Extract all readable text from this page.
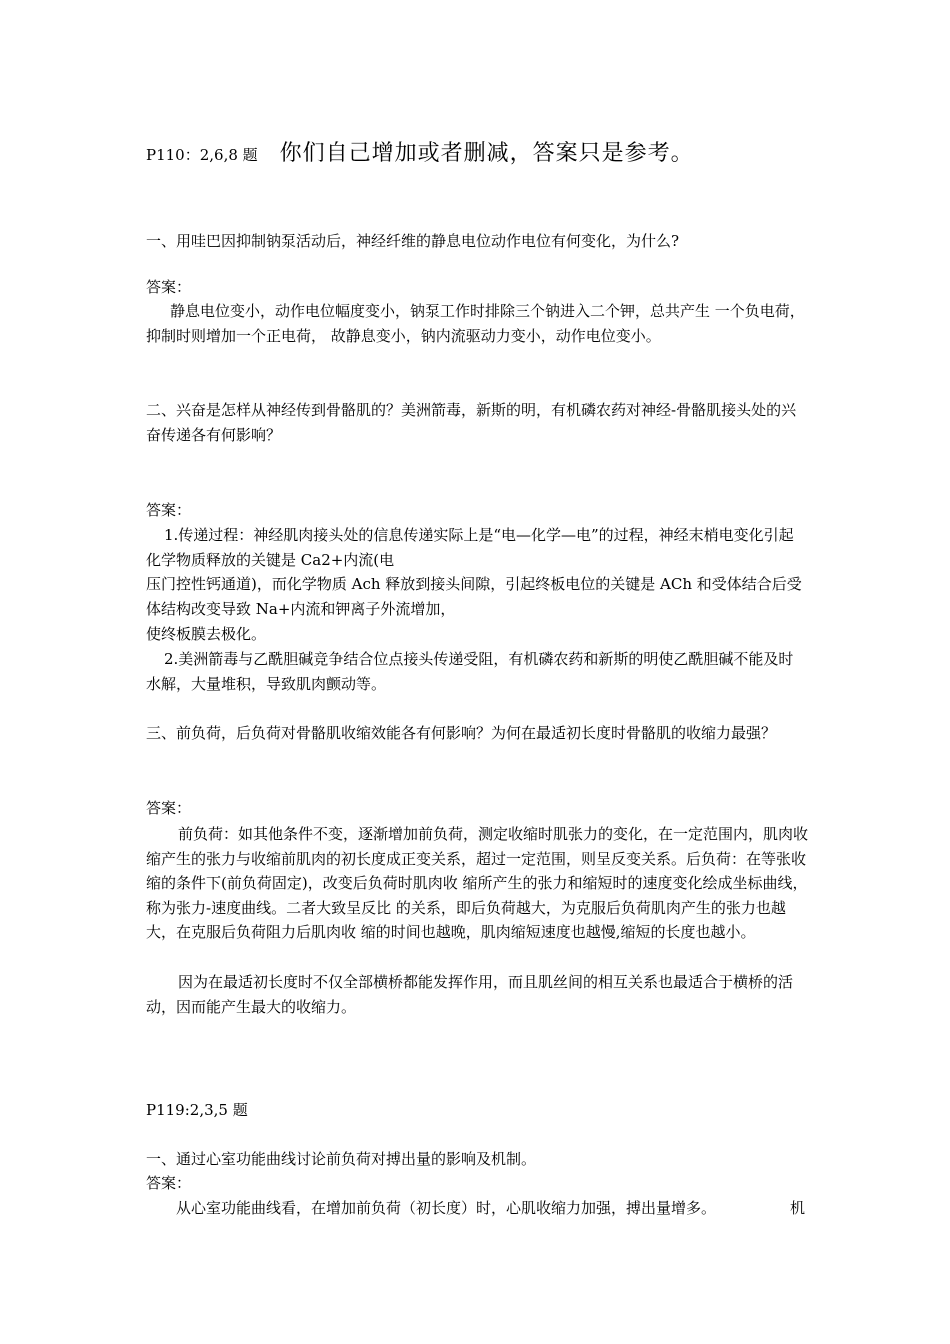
P110：2,6,8 题 你们自己增加或者删减，答案只是参考。

一、用哇巴因抑制钠泵活动后，神经纤维的静息电位动作电位有何变化，为什么?

答案：

静息电位变小，动作电位幅度变小，钠泵工作时排除三个钠进入二个钾，总共产生 一个负电荷，抑制时则增加一个正电荷， 故静息变小，钠内流驱动力变小，动作电位变小。

二、兴奋是怎样从神经传到骨骼肌的？美洲箭毒，新斯的明，有机磷农药对神经-骨骼肌接头处的兴奋传递各有何影响？

答案：

1.传递过程：神经肌肉接头处的信息传递实际上是“电—化学—电”的过程，神经末梢电变化引起化学物质释放的关键是 Ca2+内流(电

压门控性钙通道)，而化学物质 Ach 释放到接头间隙，引起终板电位的关键是 ACh 和受体结合后受体结构改变导致 Na+内流和钾离子外流增加，

使终板膜去极化。

2.美洲箭毒与乙酰胆碱竞争结合位点接头传递受阻，有机磷农药和新斯的明使乙酰胆碱不能及时水解，大量堆积，导致肌肉颤动等。

三、前负荷，后负荷对骨骼肌收缩效能各有何影响？为何在最适初长度时骨骼肌的收缩力最强？

答案：

前负荷：如其他条件不变，逐渐增加前负荷，测定收缩时肌张力的变化，在一定范围内，肌肉收缩产生的张力与收缩前肌肉的初长度成正变关系，超过一定范围，则呈反变关系。后负荷：在等张收缩的条件下(前负荷固定)，改变后负荷时肌肉收 缩所产生的张力和缩短时的速度变化绘成坐标曲线，称为张力-速度曲线。二者大致呈反比 的关系，即后负荷越大，为克服后负荷肌肉产生的张力也越大，在克服后负荷阻力后肌肉收 缩的时间也越晚，肌肉缩短速度也越慢,缩短的长度也越小。

因为在最适初长度时不仅全部横桥都能发挥作用，而且肌丝间的相互关系也最适合于横桥的活动，因而能产生最大的收缩力。

P119:2,3,5 题

一、通过心室功能曲线讨论前负荷对搏出量的影响及机制。

答案：

从心室功能曲线看，在增加前负荷（初长度）时，心肌收缩力加强，搏出量增多。	机
